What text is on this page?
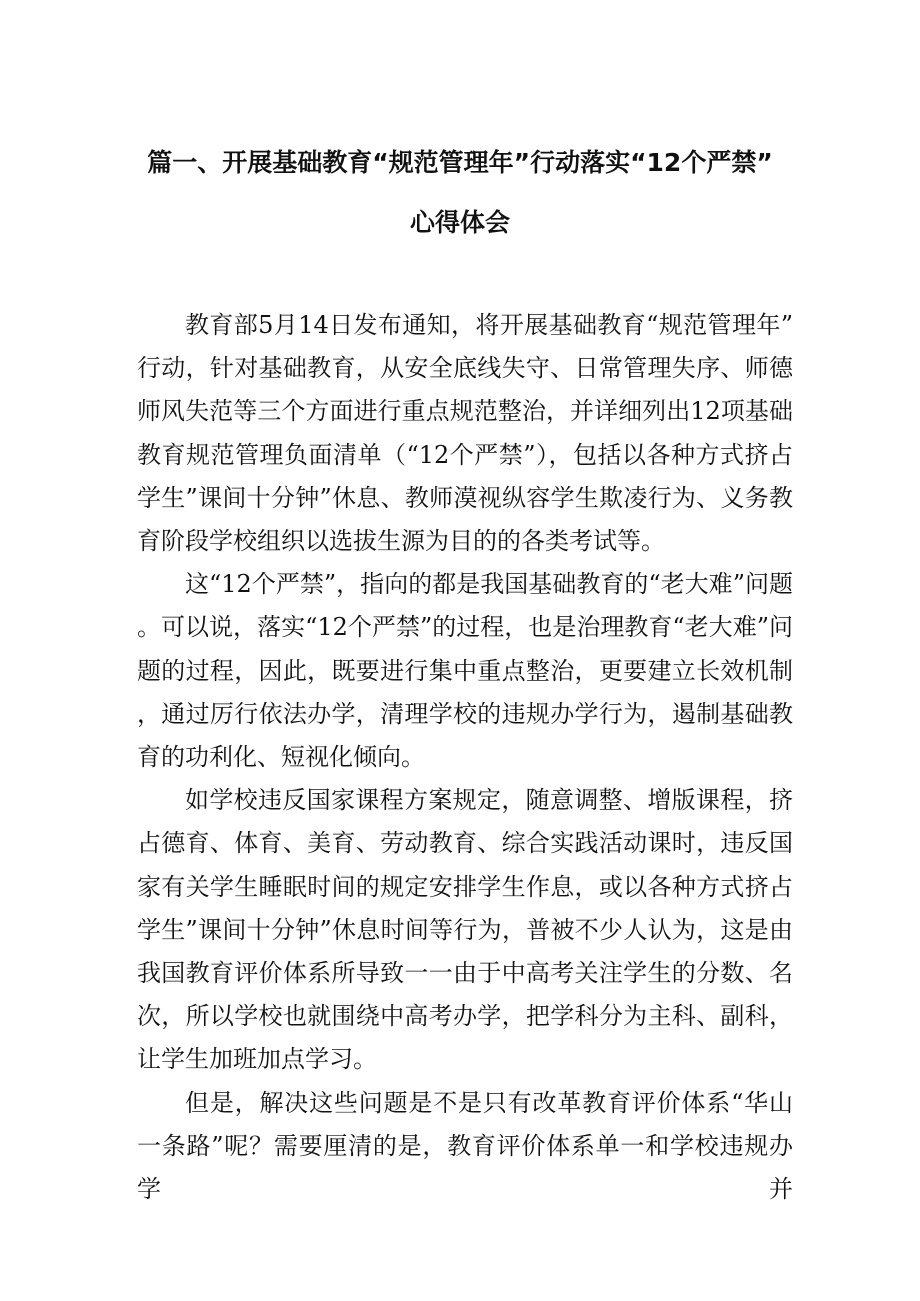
篇一、开展基础教育“规范管理年”行动落实“12个严禁”
心得体会

教育部5月14日发布通知，将开展基础教育“规范管理年”行动，针对基础教育，从安全底线失守、日常管理失序、师德师风失范等三个方面进行重点规范整治，并详细列出12项基础教育规范管理负面清单（“12个严禁”），包括以各种方式挤占学生”课间十分钟”休息、教师漠视纵容学生欺凌行为、义务教育阶段学校组织以选拔生源为目的的各类考试等。

这“12个严禁”，指向的都是我国基础教育的“老大难”问题。可以说，落实“12个严禁”的过程，也是治理教育“老大难”问题的过程，因此，既要进行集中重点整治，更要建立长效机制，通过厉行依法办学，清理学校的违规办学行为，遏制基础教育的功利化、短视化倾向。

如学校违反国家课程方案规定，随意调整、增版课程，挤占德育、体育、美育、劳动教育、综合实践活动课时，违反国家有关学生睡眠时间的规定安排学生作息，或以各种方式挤占学生”课间十分钟”休息时间等行为，普被不少人认为，这是由我国教育评价体系所导致一一由于中高考关注学生的分数、名次，所以学校也就围绕中高考办学，把学科分为主科、副科，让学生加班加点学习。

但是，解决这些问题是不是只有改革教育评价体系“华山一条路”呢？需要厘清的是，教育评价体系单一和学校违规办学并
